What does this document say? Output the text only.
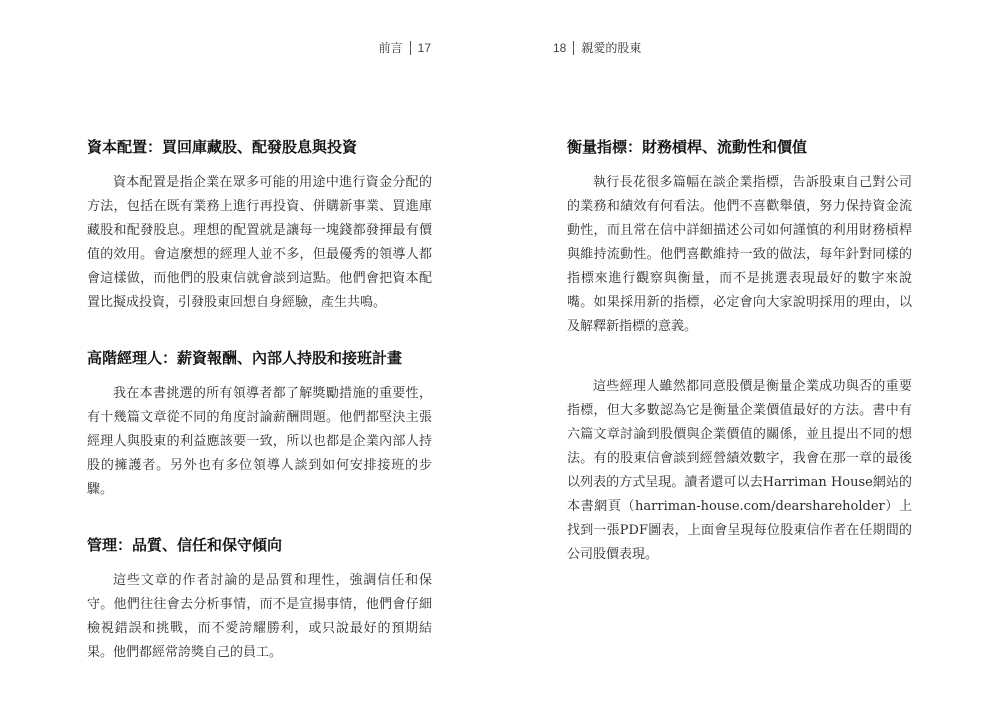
前言 17
資本配置：買回庫藏股、配發股息與投資

資本配置是指企業在眾多可能的用途中進行資金分配的方法，包括在既有業務上進行再投資、併購新事業、買進庫藏股和配發股息。理想的配置就是讓每一塊錢都發揮最有價值的效用。會這麼想的經理人並不多，但最優秀的領導人都會這樣做，而他們的股東信就會談到這點。他們會把資本配置比擬成投資，引發股東回想自身經驗，產生共鳴。

高階經理人：薪資報酬、內部人持股和接班計畫

我在本書挑選的所有領導者都了解獎勵措施的重要性，有十幾篇文章從不同的角度討論薪酬問題。他們都堅決主張經理人與股東的利益應該要一致，所以也都是企業內部人持股的擁護者。另外也有多位領導人談到如何安排接班的步驟。

管理：品質、信任和保守傾向

這些文章的作者討論的是品質和理性，強調信任和保守。他們往往會去分析事情，而不是宣揚事情，他們會仔細檢視錯誤和挑戰，而不愛誇耀勝利，或只說最好的預期結果。他們都經常誇獎自己的員工。

18 親愛的股東
衡量指標：財務槓桿、流動性和價值

執行長花很多篇幅在談企業指標，告訴股東自己對公司的業務和績效有何看法。他們不喜歡舉債，努力保持資金流動性，而且常在信中詳細描述公司如何謹慎的利用財務槓桿與維持流動性。他們喜歡維持一致的做法，每年針對同樣的指標來進行觀察與衡量，而不是挑選表現最好的數字來說嘴。如果採用新的指標，必定會向大家說明採用的理由，以及解釋新指標的意義。

這些經理人雖然都同意股價是衡量企業成功與否的重要指標，但大多數認為它是衡量企業價值最好的方法。書中有六篇文章討論到股價與企業價值的關係，並且提出不同的想法。有的股東信會談到經營績效數字，我會在那一章的最後以列表的方式呈現。讀者還可以去Harriman House網站的本書網頁（harriman-house.com/dearshareholder）上找到一張PDF圖表，上面會呈現每位股東信作者在任期間的公司股價表現。
